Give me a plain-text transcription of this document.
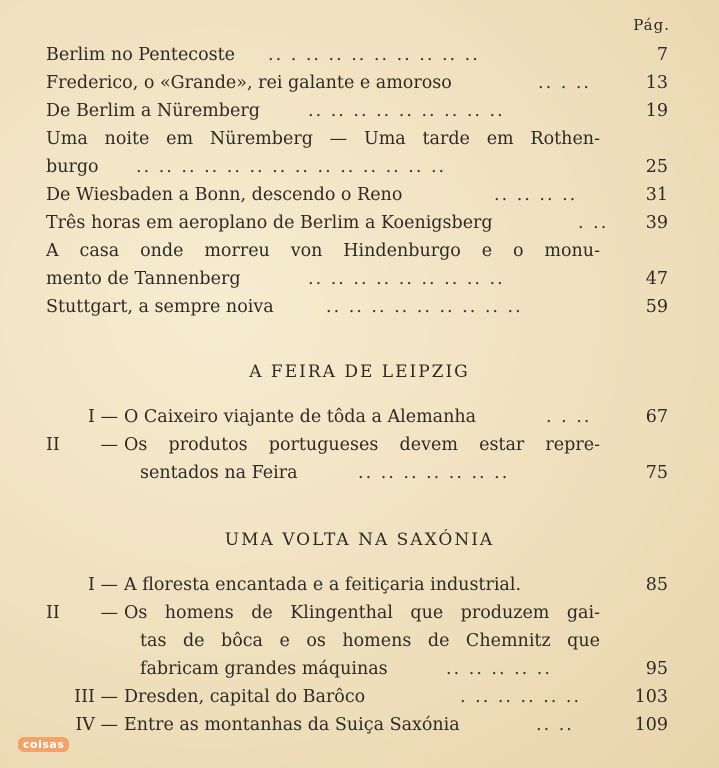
Pág.
Berlim no Pentecoste .. . .. .. .. .. .. .. .. ..	7
Frederico, o «Grande», rei galante e amoroso	.. . ..	13
De Berlim a Nüremberg	.. .. .. .. .. .. .. .. ..	19
Uma noite em Nüremberg — Uma tarde em Rothen-
burgo .. .. .. .. .. .. .. .. .. .. .. .. .. ..	25
De Wiesbaden a Bonn, descendo o Reno	.. .. .. ..	31
Três horas em aeroplano de Berlim a Koenigsberg	. ..	39
A casa onde morreu von Hindenburgo e o monu-
mento de Tannenberg	.. .. .. .. .. .. .. .. ..	47
Stuttgart, a sempre noiva	.. .. .. .. .. .. .. .. ..	59
A FEIRA DE LEIPZIG
I — O Caixeiro viajante de tôda a Alemanha	. . ..	67
II — Os produtos portugueses devem estar repre-
sentados na Feira	.. .. .. .. .. .. ..	75
UMA VOLTA NA SAXÓNIA
I — A floresta encantada e a feitiçaria industrial.	85
II — Os homens de Klingenthal que produzem gai-
tas de bôca e os homens de Chemnitz que
fabricam grandes máquinas	.. .. .. .. ..	95
III — Dresden, capital do Barôco	. .. .. .. .. ..	103
IV — Entre as montanhas da Suiça Saxónia	.. ..	109
coisas
